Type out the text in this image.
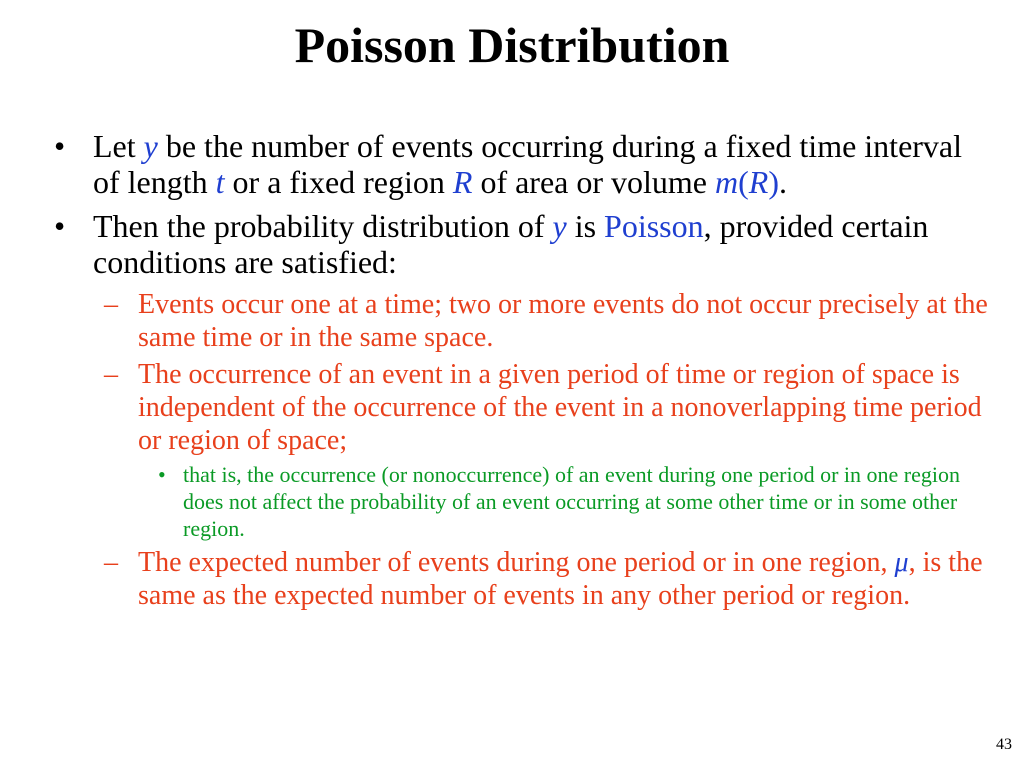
Poisson Distribution
• Let y be the number of events occurring during a fixed time interval of length t or a fixed region R of area or volume m(R).
• Then the probability distribution of y is Poisson, provided certain conditions are satisfied:
– Events occur one at a time; two or more events do not occur precisely at the same time or in the same space.
– The occurrence of an event in a given period of time or region of space is independent of the occurrence of the event in a nonoverlapping time period or region of space;
• that is, the occurrence (or nonoccurrence) of an event during one period or in one region does not affect the probability of an event occurring at some other time or in some other region.
– The expected number of events during one period or in one region, μ, is the same as the expected number of events in any other period or region.
43
